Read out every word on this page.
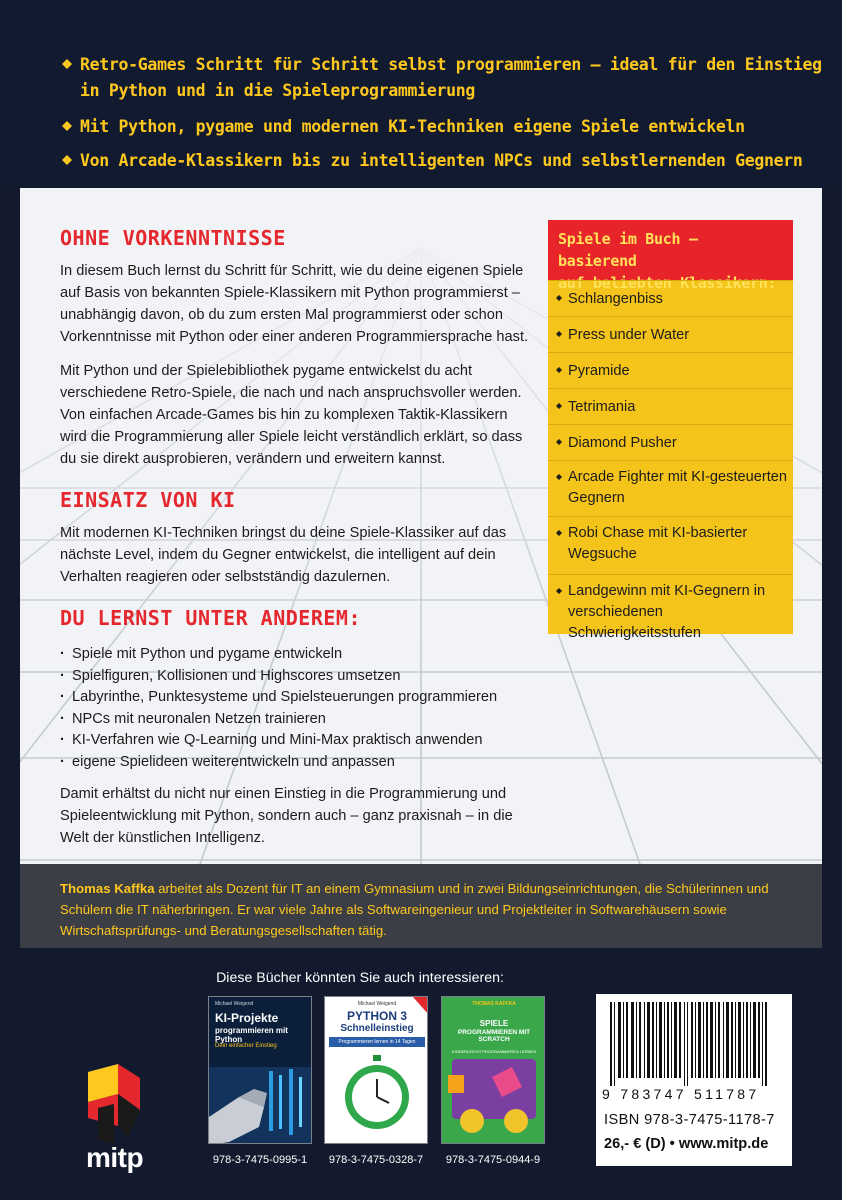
Retro-Games Schritt für Schritt selbst programmieren – ideal für den Einstieg
in Python und in die Spieleprogrammierung
Mit Python, pygame und modernen KI-Techniken eigene Spiele entwickeln
Von Arcade-Klassikern bis zu intelligenten NPCs und selbstlernenden Gegnern
OHNE VORKENNTNISSE

In diesem Buch lernst du Schritt für Schritt, wie du deine eigenen Spiele auf Basis von bekannten Spiele-Klassikern mit Python programmierst – unabhängig davon, ob du zum ersten Mal programmierst oder schon Vorkenntnisse mit Python oder einer anderen Programmiersprache hast.

Mit Python und der Spielebibliothek pygame entwickelst du acht verschiedene Retro-Spiele, die nach und nach anspruchsvoller werden. Von einfachen Arcade-Games bis hin zu komplexen Taktik-Klassikern wird die Programmierung aller Spiele leicht verständlich erklärt, so dass du sie direkt ausprobieren, verändern und erweitern kannst.

EINSATZ VON KI

Mit modernen KI-Techniken bringst du deine Spiele-Klassiker auf das nächste Level, indem du Gegner entwickelst, die intelligent auf dein Verhalten reagieren oder selbstständig dazulernen.

DU LERNST UNTER ANDEREM:
· Spiele mit Python und pygame entwickeln
· Spielfiguren, Kollisionen und Highscores umsetzen
· Labyrinthe, Punktesysteme und Spielsteuerungen programmieren
· NPCs mit neuronalen Netzen trainieren
· KI-Verfahren wie Q-Learning und Mini-Max praktisch anwenden
· eigene Spielideen weiterentwickeln und anpassen

Damit erhältst du nicht nur einen Einstieg in die Programmierung und Spieleentwicklung mit Python, sondern auch – ganz praxisnah – in die Welt der künstlichen Intelligenz.

Spiele im Buch – basierend
auf beliebten Klassikern:
Schlangenbiss
Press under Water
Pyramide
Tetrimania
Diamond Pusher
Arcade Fighter mit KI-gesteuerten
Gegnern
Robi Chase mit KI-basierter
Wegsuche
Landgewinn mit KI-Gegnern in
verschiedenen Schwierigkeitsstufen

Thomas Kaffka arbeitet als Dozent für IT an einem Gymnasium und in zwei Bildungseinrichtungen, die Schülerinnen und Schülern die IT näherbringen. Er war viele Jahre als Softwareingenieur und Projektleiter in Softwarehäusern sowie Wirtschaftsprüfungs- und Beratungsgesellschaften tätig.

Diese Bücher könnten Sie auch interessieren:
Michael Weigend
KI-Projekte
programmieren mit Python
Dein einfacher Einstieg
978-3-7475-0995-1
Michael Weigend
PYTHON 3
Schnelleinstieg
Programmieren lernen in 14 Tagen
978-3-7475-0328-7
THOMAS KAFFKA
SPIELE
PROGRAMMIEREN MIT SCRATCH
KINDERLEICHT PROGRAMMIEREN LERNEN
978-3-7475-0944-9
mitp
9 783747 511787
ISBN 978-3-7475-1178-7
26,- € (D) • www.mitp.de
